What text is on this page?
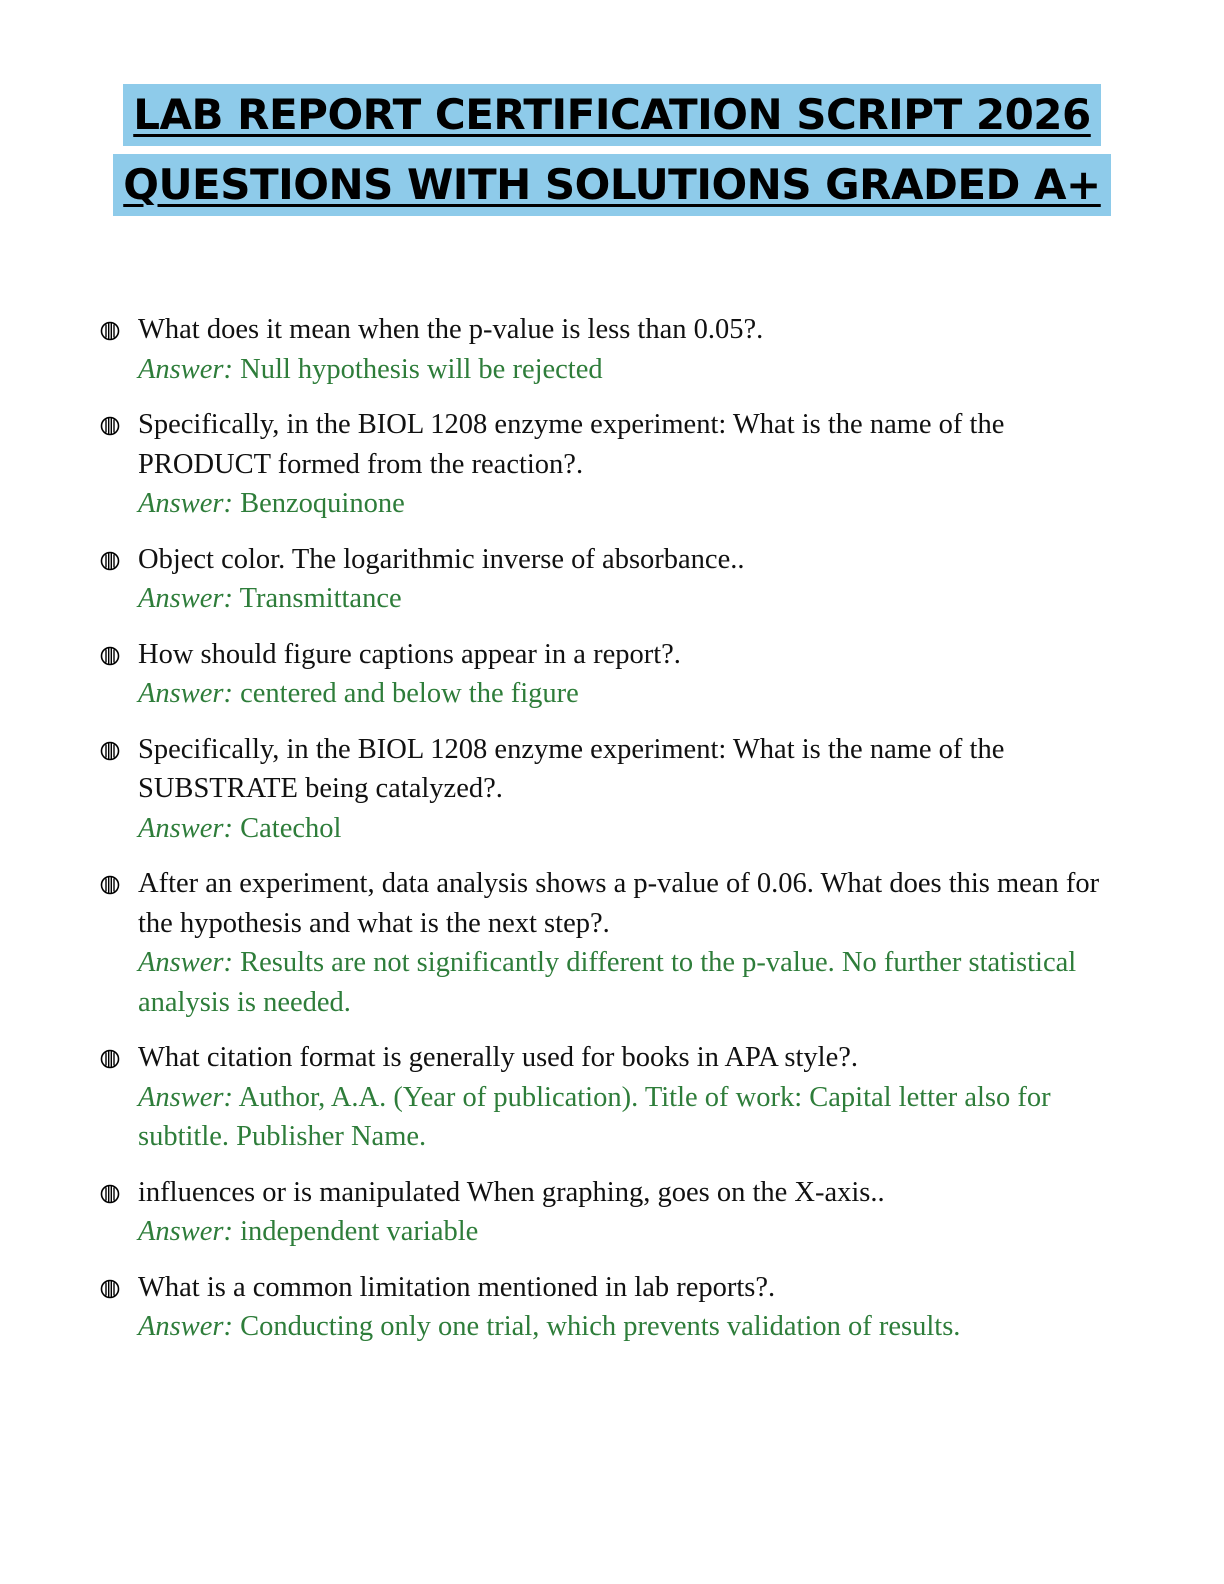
LAB REPORT CERTIFICATION SCRIPT 2026
QUESTIONS WITH SOLUTIONS GRADED A+
What does it mean when the p-value is less than 0.05?.
Answer: Null hypothesis will be rejected
Specifically, in the BIOL 1208 enzyme experiment: What is the name of the PRODUCT formed from the reaction?.
Answer: Benzoquinone
Object color. The logarithmic inverse of absorbance..
Answer: Transmittance
How should figure captions appear in a report?.
Answer: centered and below the figure
Specifically, in the BIOL 1208 enzyme experiment: What is the name of the SUBSTRATE being catalyzed?.
Answer: Catechol
After an experiment, data analysis shows a p-value of 0.06. What does this mean for the hypothesis and what is the next step?.
Answer: Results are not significantly different to the p-value. No further statistical analysis is needed.
What citation format is generally used for books in APA style?.
Answer: Author, A.A. (Year of publication). Title of work: Capital letter also for subtitle. Publisher Name.
influences or is manipulated When graphing, goes on the X-axis..
Answer: independent variable
What is a common limitation mentioned in lab reports?.
Answer: Conducting only one trial, which prevents validation of results.
